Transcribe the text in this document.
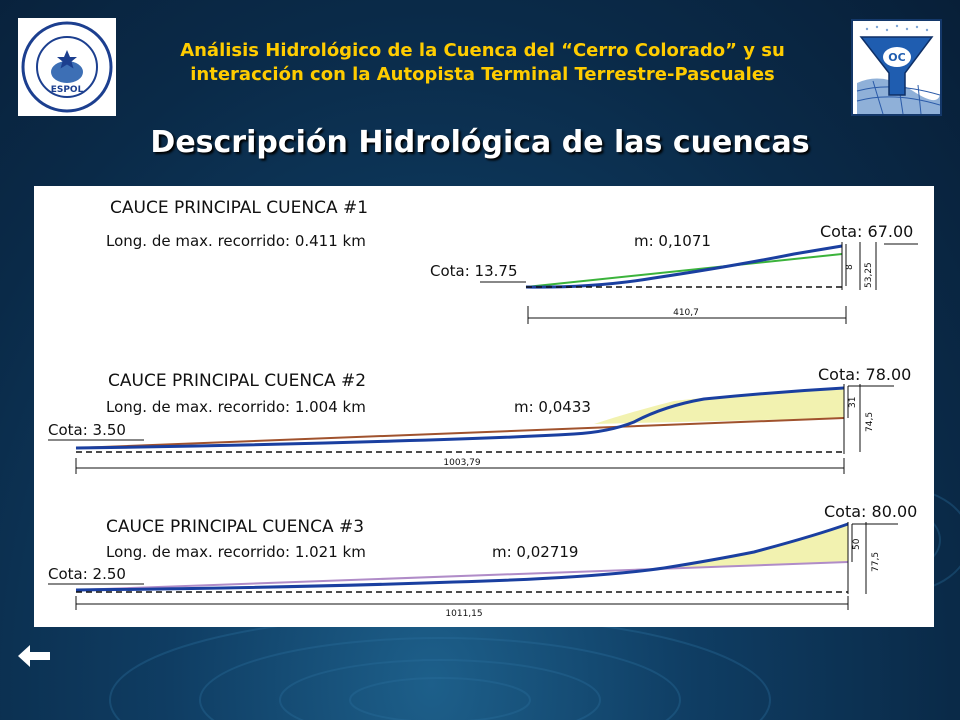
ESPOL
Análisis Hidrológico de la Cuenca del “Cerro Colorado” y su
interacción con la Autopista Terminal Terrestre-Pascuales
OC
Descripción Hidrológica de las cuencas
CAUCE PRINCIPAL CUENCA #1
Long. de max. recorrido: 0.411 km	m: 0,1071
Cota: 13.75
Cota: 67.00
8 53,25
410,7
CAUCE PRINCIPAL CUENCA #2
Long. de max. recorrido: 1.004 km	m: 0,0433
Cota: 3.50
Cota: 78.00
31
74,5
1003,79
CAUCE PRINCIPAL CUENCA #3
Long. de max. recorrido: 1.021 km	m: 0,02719
Cota: 2.50
Cota: 80.00
50
77,5
1011,15
